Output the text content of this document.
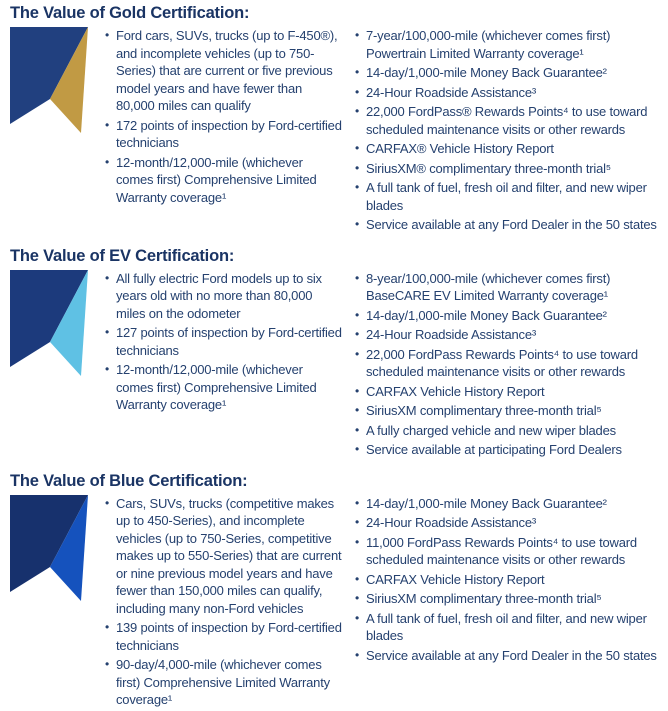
The Value of Gold Certification:
• Ford cars, SUVs, trucks (up to F-450®), and incomplete vehicles (up to 750-Series) that are current or five previous model years and have fewer than 80,000 miles can qualify
• 172 points of inspection by Ford-certified technicians
• 12-month/12,000-mile (whichever comes first) Comprehensive Limited Warranty coverage¹
• 7-year/100,000-mile (whichever comes first) Powertrain Limited Warranty coverage¹
• 14-day/1,000-mile Money Back Guarantee²
• 24-Hour Roadside Assistance³
• 22,000 FordPass® Rewards Points⁴ to use toward scheduled maintenance visits or other rewards
• CARFAX® Vehicle History Report
• SiriusXM® complimentary three-month trial⁵
• A full tank of fuel, fresh oil and filter, and new wiper blades
• Service available at any Ford Dealer in the 50 states
The Value of EV Certification:
• All fully electric Ford models up to six years old with no more than 80,000 miles on the odometer
• 127 points of inspection by Ford-certified technicians
• 12-month/12,000-mile (whichever comes first) Comprehensive Limited Warranty coverage¹
• 8-year/100,000-mile (whichever comes first) BaseCARE EV Limited Warranty coverage¹
• 14-day/1,000-mile Money Back Guarantee²
• 24-Hour Roadside Assistance³
• 22,000 FordPass Rewards Points⁴ to use toward scheduled maintenance visits or other rewards
• CARFAX Vehicle History Report
• SiriusXM complimentary three-month trial⁵
• A fully charged vehicle and new wiper blades
• Service available at participating Ford Dealers
The Value of Blue Certification:
• Cars, SUVs, trucks (competitive makes up to 450-Series), and incomplete vehicles (up to 750-Series, competitive makes up to 550-Series) that are current or nine previous model years and have fewer than 150,000 miles can qualify, including many non-Ford vehicles
• 139 points of inspection by Ford-certified technicians
• 90-day/4,000-mile (whichever comes first) Comprehensive Limited Warranty coverage¹
• 14-day/1,000-mile Money Back Guarantee²
• 24-Hour Roadside Assistance³
• 11,000 FordPass Rewards Points⁴ to use toward scheduled maintenance visits or other rewards
• CARFAX Vehicle History Report
• SiriusXM complimentary three-month trial⁵
• A full tank of fuel, fresh oil and filter, and new wiper blades
• Service available at any Ford Dealer in the 50 states
